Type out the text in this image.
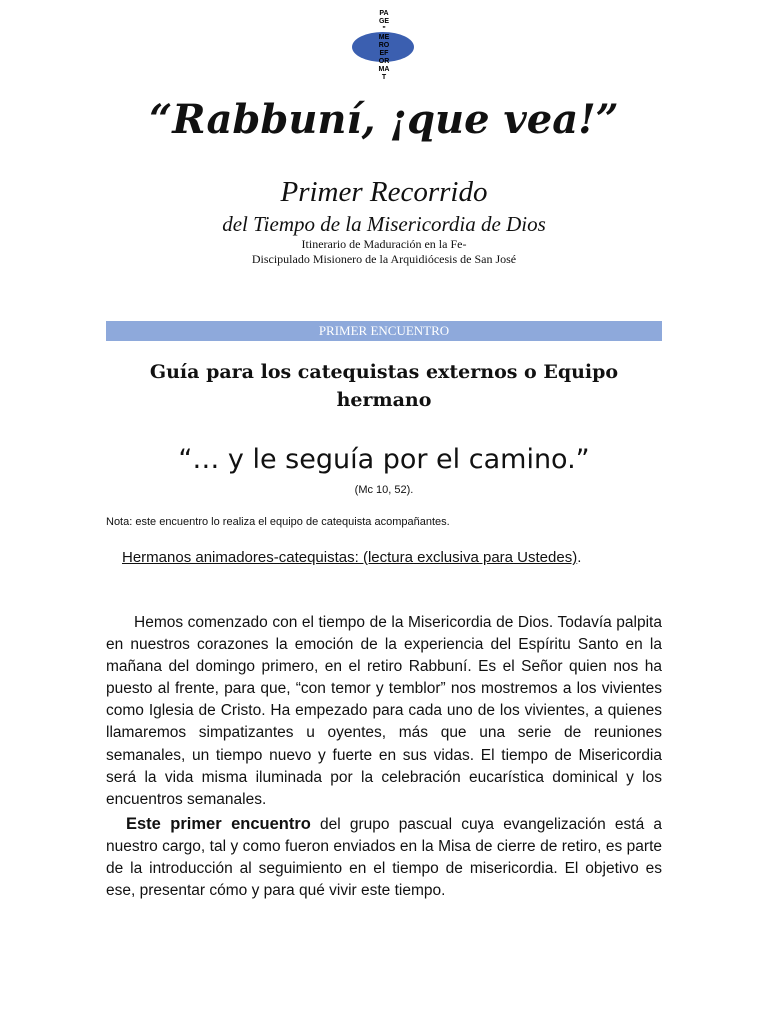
PA
GE
"
ME
RO
EF
OR
MA
T
“Rabbuní, ¡que vea!”
Primer Recorrido
del Tiempo de la Misericordia de Dios
Itinerario de Maduración en la Fe-
Discipulado Misionero de la Arquidiócesis de San José
PRIMER ENCUENTRO
Guía para los catequistas externos o Equipo hermano
“… y le seguía por el camino.”
(Mc 10, 52).
Nota: este encuentro lo realiza el equipo de catequista acompañantes.
Hermanos animadores-catequistas: (lectura exclusiva para Ustedes).
Hemos comenzado con el tiempo de la Misericordia de Dios. Todavía palpita en nuestros corazones la emoción de la experiencia del Espíritu Santo en la mañana del domingo primero, en el retiro Rabbuní. Es el Señor quien nos ha puesto al frente, para que, “con temor y temblor” nos mostremos a los vivientes como Iglesia de Cristo. Ha empezado para cada uno de los vivientes, a quienes llamaremos simpatizantes u oyentes, más que una serie de reuniones semanales, un tiempo nuevo y fuerte en sus vidas. El tiempo de Misericordia será la vida misma iluminada por la celebración eucarística dominical y los encuentros semanales.
Este primer encuentro del grupo pascual cuya evangelización está a nuestro cargo, tal y como fueron enviados en la Misa de cierre de retiro, es parte de la introducción al seguimiento en el tiempo de misericordia. El objetivo es ese, presentar cómo y para qué vivir este tiempo.
